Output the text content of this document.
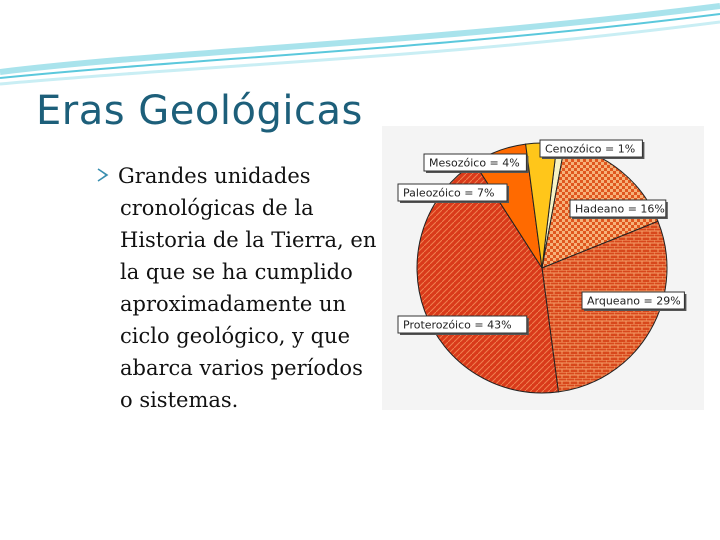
Eras Geológicas
Grandes unidades cronológicas de la Historia de la Tierra, en la que se ha cumplido aproximadamente un ciclo geológico, y que abarca varios períodos o sistemas.
Cenozóico = 1%
Hadeano = 16%
Arqueano = 29%
Proterozóico = 43%
Paleozóico = 7%
Mesozóico = 4%
